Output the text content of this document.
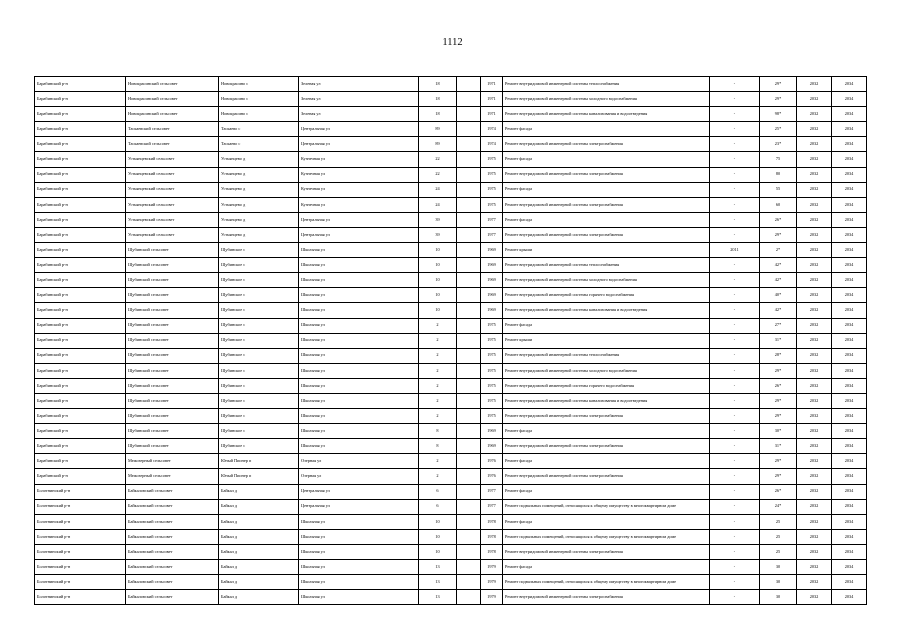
1112
Барабинский р-н	Новокрасинский сельсовет	Новокрасино с	Зеленая ул	18		1971	Ремонт внутридомовой инженерной системы теплоснабжения	-	29*	2032	2034
Барабинский р-н	Новокрасинский сельсовет	Новокрасино с	Зеленая ул	18		1971	Ремонт внутридомовой инженерной системы холодного водоснабжения	-	29*	2032	2034
Барабинский р-н	Новокрасинский сельсовет	Новокрасино с	Зеленая ул	18		1971	Ремонт внутридомовой инженерной системы канализования и водоотведения	-	98*	2032	2034
Барабинский р-н	Таскаевский сельсовет	Таскаево с	Центральная ул	89		1974	Ремонт фасада	-	25*	2032	2034
Барабинский р-н	Таскаевский сельсовет	Таскаево с	Центральная ул	89		1974	Ремонт внутридомовой инженерной системы электроснабжения	-	23*	2032	2034
Барабинский р-н	Устьянцевский сельсовет	Устьянцево д	Кузнечная ул	22		1975	Ремонт фасада	-	75	2032	2034
Барабинский р-н	Устьянцевский сельсовет	Устьянцево д	Кузнечная ул	22		1975	Ремонт внутридомовой инженерной системы электроснабжения	-	80	2032	2034
Барабинский р-н	Устьянцевский сельсовет	Устьянцево д	Кузнечная ул	24		1975	Ремонт фасада	-	55	2032	2034
Барабинский р-н	Устьянцевский сельсовет	Устьянцево д	Кузнечная ул	24		1975	Ремонт внутридомовой инженерной системы электроснабжения	-	60	2032	2034
Барабинский р-н	Устьянцевский сельсовет	Устьянцево д	Центральная ул	39		1977	Ремонт фасада	-	26*	2032	2034
Барабинский р-н	Устьянцевский сельсовет	Устьянцево д	Центральная ул	39		1977	Ремонт внутридомовой инженерной системы электроснабжения	-	29*	2032	2034
Барабинский р-н	Щубинский сельсовет	Щубинское с	Школьная ул	10		1969	Ремонт крыши	2011	2*	2032	2034
Барабинский р-н	Щубинский сельсовет	Щубинское с	Школьная ул	10		1969	Ремонт внутридомовой инженерной системы теплоснабжения	-	42*	2032	2034
Барабинский р-н	Щубинский сельсовет	Щубинское с	Школьная ул	10		1969	Ремонт внутридомовой инженерной системы холодного водоснабжения	-	42*	2032	2034
Барабинский р-н	Щубинский сельсовет	Щубинское с	Школьная ул	10		1969	Ремонт внутридомовой инженерной системы горячего водоснабжения	-	40*	2032	2034
Барабинский р-н	Щубинский сельсовет	Щубинское с	Школьная ул	10		1969	Ремонт внутридомовой инженерной системы канализования и водоотведения	-	42*	2032	2034
Барабинский р-н	Щубинский сельсовет	Щубинское с	Школьная ул	2		1975	Ремонт фасада	-	27*	2032	2034
Барабинский р-н	Щубинский сельсовет	Щубинское с	Школьная ул	2		1975	Ремонт крыши	-	31*	2032	2034
Барабинский р-н	Щубинский сельсовет	Щубинское с	Школьная ул	2		1975	Ремонт внутридомовой инженерной системы теплоснабжения	-	28*	2032	2034
Барабинский р-н	Щубинский сельсовет	Щубинское с	Школьная ул	2		1975	Ремонт внутридомовой инженерной системы холодного водоснабжения	-	29*	2032	2034
Барабинский р-н	Щубинский сельсовет	Щубинское с	Школьная ул	2		1975	Ремонт внутридомовой инженерной системы горячего водоснабжения	-	26*	2032	2034
Барабинский р-н	Щубинский сельсовет	Щубинское с	Школьная ул	2		1975	Ремонт внутридомовой инженерной системы канализования и водоотведения	-	29*	2032	2034
Барабинский р-н	Щубинский сельсовет	Щубинское с	Школьная ул	2		1975	Ремонт внутридомовой инженерной системы электроснабжения	-	29*	2032	2034
Барабинский р-н	Щубинский сельсовет	Щубинское с	Школьная ул	8		1969	Ремонт фасада	-	30*	2032	2034
Барабинский р-н	Щубинский сельсовет	Щубинское с	Школьная ул	8		1969	Ремонт внутридомовой инженерной системы электроснабжения	-	31*	2032	2034
Барабинский р-н	Межозерный сельсовет	Юный Пионер п	Озерная ул	2		1976	Ремонт фасада	-	29*	2032	2034
Барабинский р-н	Межозерный сельсовет	Юный Пионер п	Озерная ул	2		1976	Ремонт внутридомовой инженерной системы электроснабжения	-	29*	2032	2034
Болотнинский р-н	Байкаловский сельсовет	Байкал д	Центральная ул	6		1977	Ремонт фасада	-	26*	2032	2034
Болотнинский р-н	Байкаловский сельсовет	Байкал д	Центральная ул	6		1977	Ремонт подвальных помещений, относящихся к общему имуществу в многоквартирном доме	-	24*	2032	2034
Болотнинский р-н	Байкаловский сельсовет	Байкал д	Школьная ул	10		1978	Ремонт фасада	-	25	2032	2034
Болотнинский р-н	Байкаловский сельсовет	Байкал д	Школьная ул	10		1978	Ремонт подвальных помещений, относящихся к общему имуществу в многоквартирном доме	-	25	2032	2034
Болотнинский р-н	Байкаловский сельсовет	Байкал д	Школьная ул	10		1978	Ремонт внутридомовой инженерной системы электроснабжения	-	25	2032	2034
Болотнинский р-н	Байкаловский сельсовет	Байкал д	Школьная ул	13		1979	Ремонт фасада	-	30	2032	2034
Болотнинский р-н	Байкаловский сельсовет	Байкал д	Школьная ул	13		1979	Ремонт подвальных помещений, относящихся к общему имуществу в многоквартирном доме	-	30	2032	2034
Болотнинский р-н	Байкаловский сельсовет	Байкал д	Школьная ул	13		1979	Ремонт внутридомовой инженерной системы электроснабжения	-	30	2032	2034
